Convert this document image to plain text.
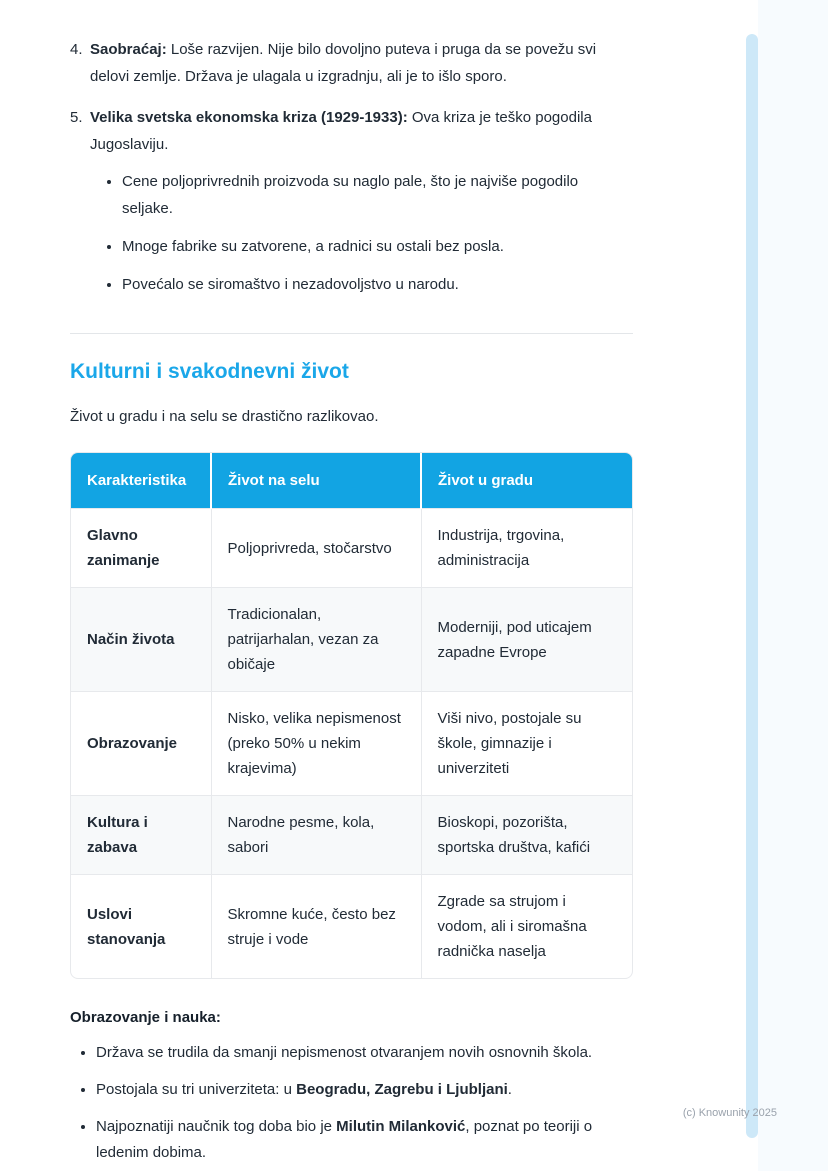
4. Saobraćaj: Loše razvijen. Nije bilo dovoljno puteva i pruga da se povežu svi delovi zemlje. Država je ulagala u izgradnju, ali je to išlo sporo.
5. Velika svetska ekonomska kriza (1929-1933): Ova kriza je teško pogodila Jugoslaviju.
• Cene poljoprivrednih proizvoda su naglo pale, što je najviše pogodilo seljake.
• Mnoge fabrike su zatvorene, a radnici su ostali bez posla.
• Povećalo se siromaštvo i nezadovoljstvo u narodu.
Kulturni i svakodnevni život

Život u gradu i na selu se drastično razlikovao.

Karakteristika	Život na selu	Život u gradu
Glavno zanimanje	Poljoprivreda, stočarstvo	Industrija, trgovina, administracija
Način života	Tradicionalan, patrijarhalan, vezan za običaje	Moderniji, pod uticajem zapadne Evrope
Obrazovanje	Nisko, velika nepismenost (preko 50% u nekim krajevima)	Viši nivo, postojale su škole, gimnazije i univerziteti
Kultura i zabava	Narodne pesme, kola, sabori	Bioskopi, pozorišta, sportska društva, kafići
Uslovi stanovanja	Skromne kuće, često bez struje i vode	Zgrade sa strujom i vodom, ali i siromašna radnička naselja
Obrazovanje i nauka:
• Država se trudila da smanji nepismenost otvaranjem novih osnovnih škola.
• Postojala su tri univerziteta: u Beogradu, Zagrebu i Ljubljani.
• Najpoznatiji naučnik tog doba bio je Milutin Milanković, poznat po teoriji o ledenim dobima.
(c) Knowunity 2025
